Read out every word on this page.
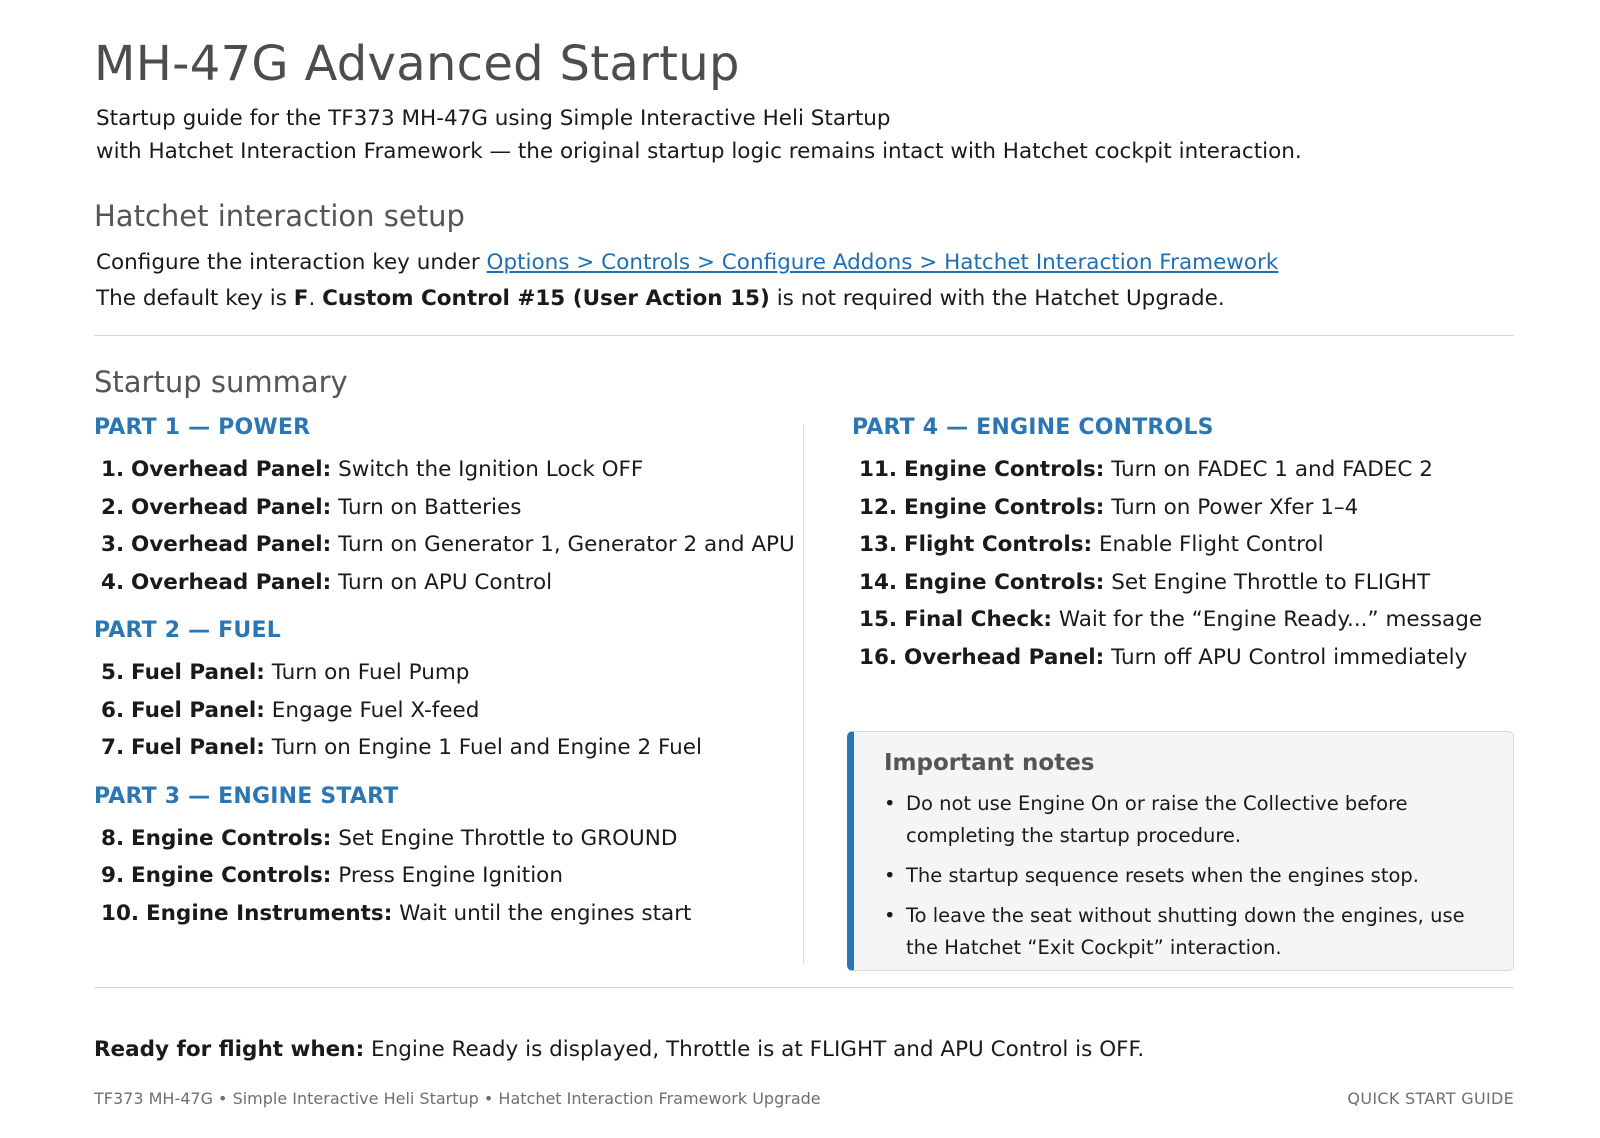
MH-47G Advanced Startup
Startup guide for the TF373 MH-47G using Simple Interactive Heli Startup
with Hatchet Interaction Framework — the original startup logic remains intact with Hatchet cockpit interaction.
Hatchet interaction setup
Configure the interaction key under Options > Controls > Configure Addons > Hatchet Interaction Framework
The default key is F. Custom Control #15 (User Action 15) is not required with the Hatchet Upgrade.
Startup summary
PART 1 — POWER
1. Overhead Panel: Switch the Ignition Lock OFF
2. Overhead Panel: Turn on Batteries
3. Overhead Panel: Turn on Generator 1, Generator 2 and APU
4. Overhead Panel: Turn on APU Control
PART 2 — FUEL
5. Fuel Panel: Turn on Fuel Pump
6. Fuel Panel: Engage Fuel X-feed
7. Fuel Panel: Turn on Engine 1 Fuel and Engine 2 Fuel
PART 3 — ENGINE START
8. Engine Controls: Set Engine Throttle to GROUND
9. Engine Controls: Press Engine Ignition
10. Engine Instruments: Wait until the engines start
PART 4 — ENGINE CONTROLS
11. Engine Controls: Turn on FADEC 1 and FADEC 2
12. Engine Controls: Turn on Power Xfer 1–4
13. Flight Controls: Enable Flight Control
14. Engine Controls: Set Engine Throttle to FLIGHT
15. Final Check: Wait for the “Engine Ready...” message
16. Overhead Panel: Turn off APU Control immediately
Important notes
• Do not use Engine On or raise the Collective before completing the startup procedure.
• The startup sequence resets when the engines stop.
• To leave the seat without shutting down the engines, use the Hatchet “Exit Cockpit” interaction.
Ready for flight when: Engine Ready is displayed, Throttle is at FLIGHT and APU Control is OFF.
TF373 MH-47G • Simple Interactive Heli Startup • Hatchet Interaction Framework Upgrade	QUICK START GUIDE
